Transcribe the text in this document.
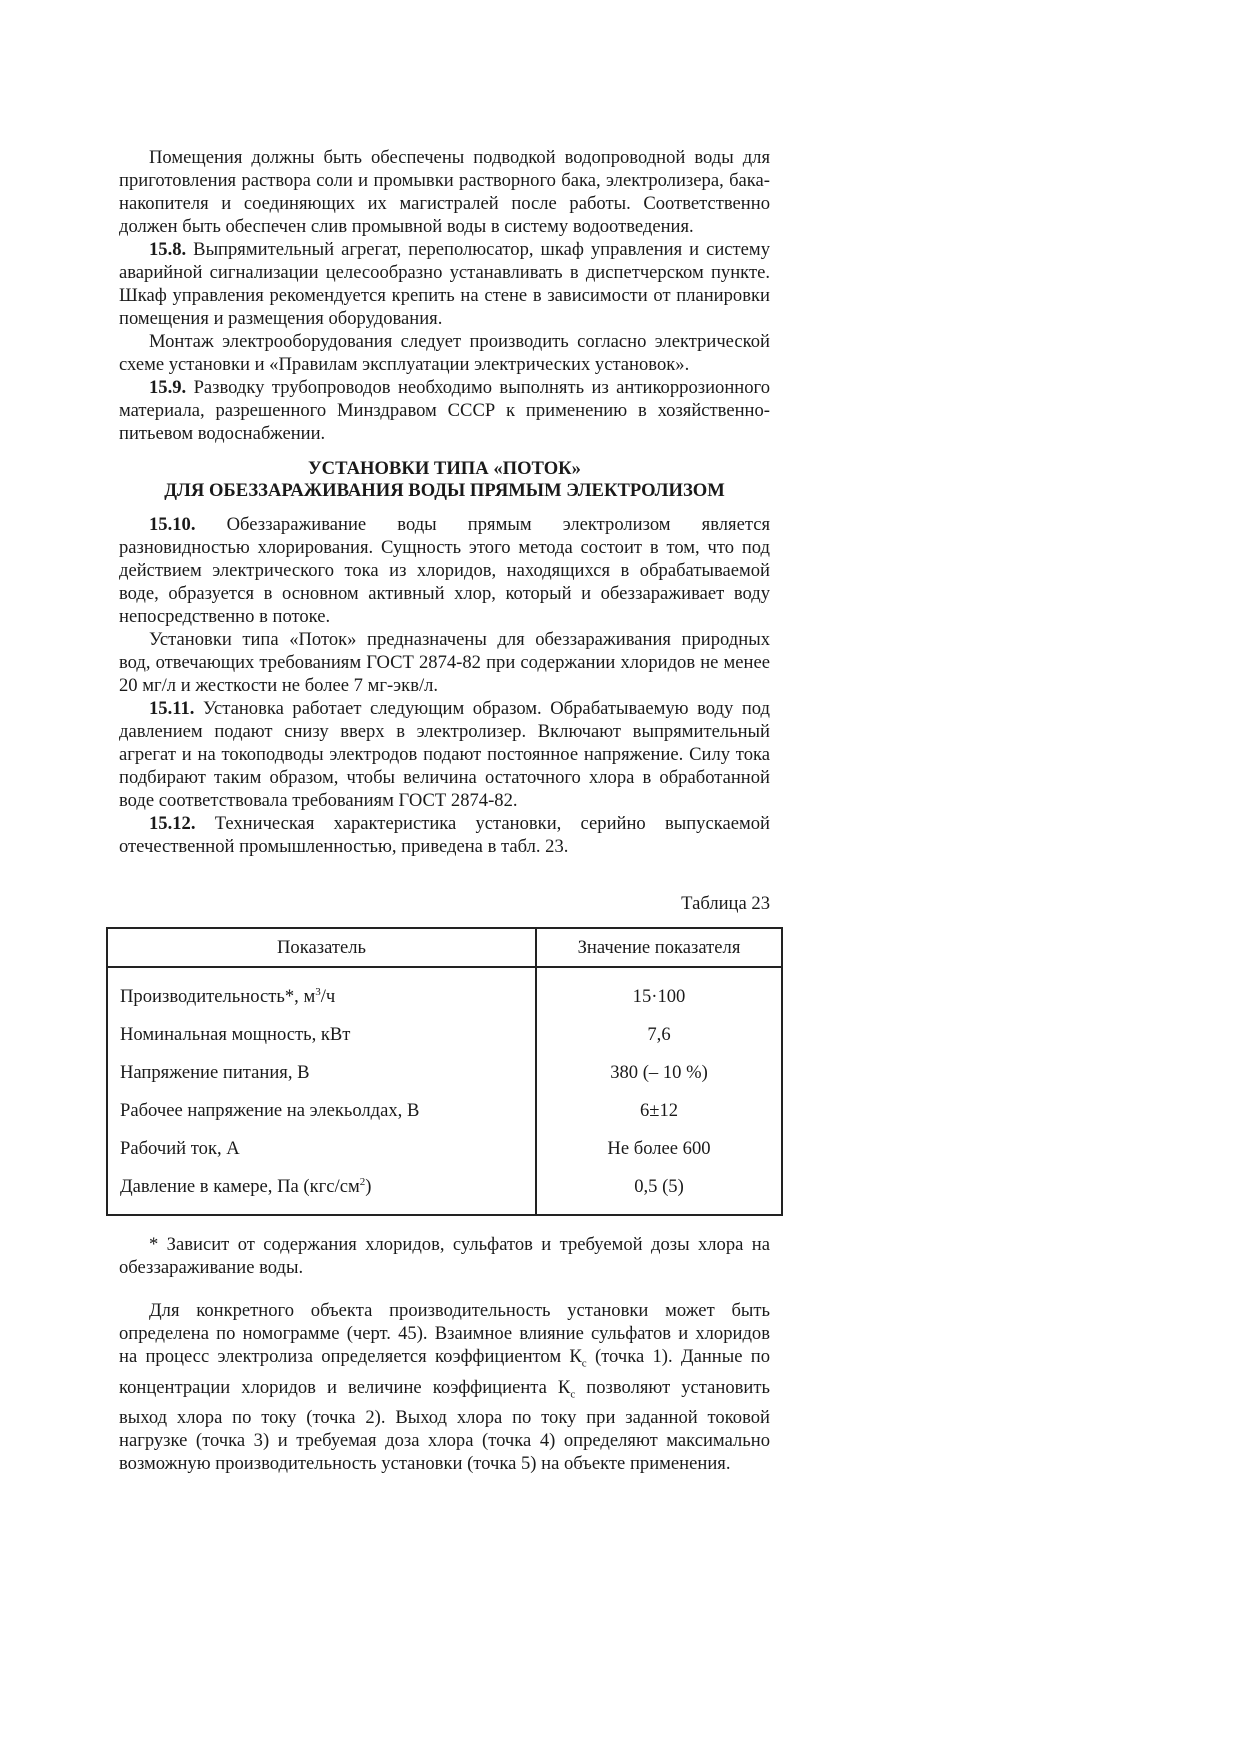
Помещения должны быть обеспечены подводкой водопроводной воды для приготовления раствора соли и промывки растворного бака, электролизера, бака-накопителя и соединяющих их магистралей после работы. Соответственно должен быть обеспечен слив промывной воды в систему водоотведения.

15.8. Выпрямительный агрегат, переполюсатор, шкаф управления и систему аварийной сигнализации целесообразно устанавливать в диспетчерском пункте. Шкаф управления рекомендуется крепить на стене в зависимости от планировки помещения и размещения оборудования.

Монтаж электрооборудования следует производить согласно электрической схеме установки и «Правилам эксплуатации электрических установок».

15.9. Разводку трубопроводов необходимо выполнять из антикоррозионного материала, разрешенного Минздравом СССР к применению в хозяйственно-питьевом водоснабжении.

УСТАНОВКИ ТИПА «ПОТОК»
ДЛЯ ОБЕЗЗАРАЖИВАНИЯ ВОДЫ ПРЯМЫМ ЭЛЕКТРОЛИЗОМ

15.10. Обеззараживание воды прямым электролизом является разновидностью хлорирования. Сущность этого метода состоит в том, что под действием электрического тока из хлоридов, находящихся в обрабатываемой воде, образуется в основном активный хлор, который и обеззараживает воду непосредственно в потоке.

Установки типа «Поток» предназначены для обеззараживания природных вод, отвечающих требованиям ГОСТ 2874-82 при содержании хлоридов не менее 20 мг/л и жесткости не более 7 мг-экв/л.

15.11. Установка работает следующим образом. Обрабатываемую воду под давлением подают снизу вверх в электролизер. Включают выпрямительный агрегат и на токоподводы электродов подают постоянное напряжение. Силу тока подбирают таким образом, чтобы величина остаточного хлора в обработанной воде соответствовала требованиям ГОСТ 2874-82.

15.12. Техническая характеристика установки, серийно выпускаемой отечественной промышленностью, приведена в табл. 23.

Таблица 23
Показатель	Значение показателя
Производительность*, $м^3/ч$	15·100
Номинальная мощность, кВт	7,6
Напряжение питания, В	380 (– 10 %)
Рабочее напряжение на элекьолдах, В	6±12
Рабочий ток, А	Не более 600
Давление в камере, Па $(кгс/см^2)$	0,5 (5)

* Зависит от содержания хлоридов, сульфатов и требуемой дозы хлора на обеззараживание воды.

Для конкретного объекта производительность установки может быть определена по номограмме (черт. 45). Взаимное влияние сульфатов и хлоридов на процесс электролиза определяется коэффициентом $К_с$ (точка 1). Данные по концентрации хлоридов и величине коэффициента $К_с$ позволяют установить выход хлора по току (точка 2). Выход хлора по току при заданной токовой нагрузке (точка 3) и требуемая доза хлора (точка 4) определяют максимально возможную производительность установки (точка 5) на объекте применения.
